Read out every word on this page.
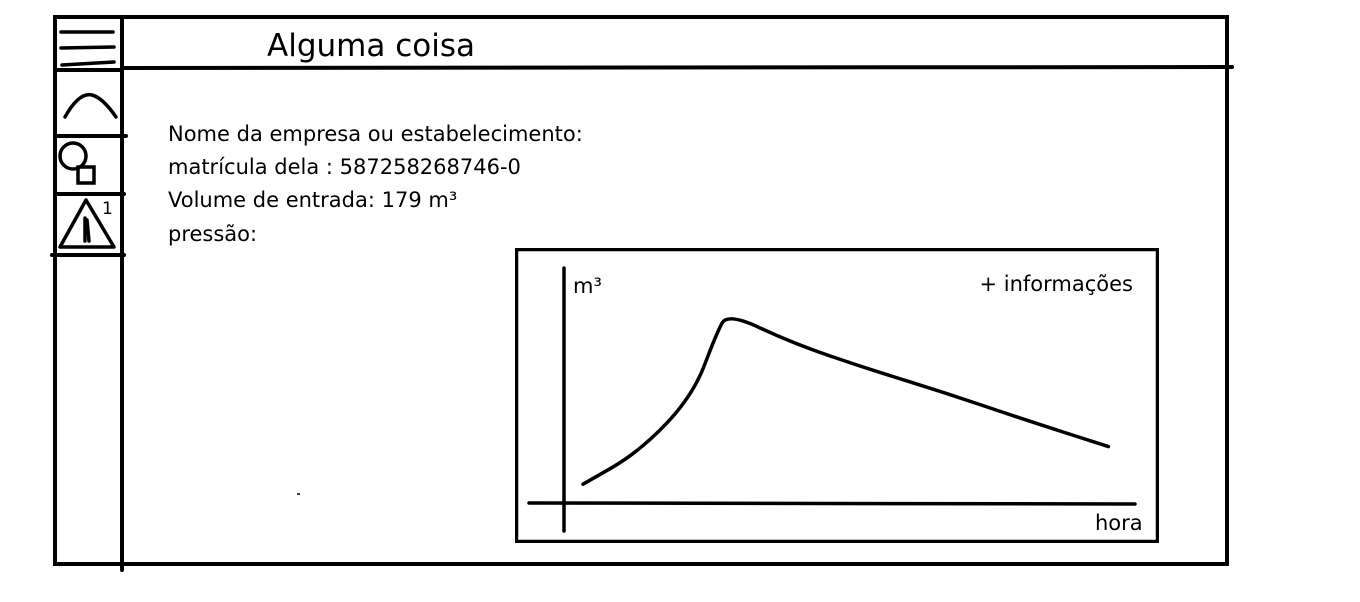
Alguma coisa
1
Nome da empresa ou estabelecimento:
matrícula dela : 587258268746-0
Volume de entrada: 179 m³
pressão:
m³
hora
+ informações
